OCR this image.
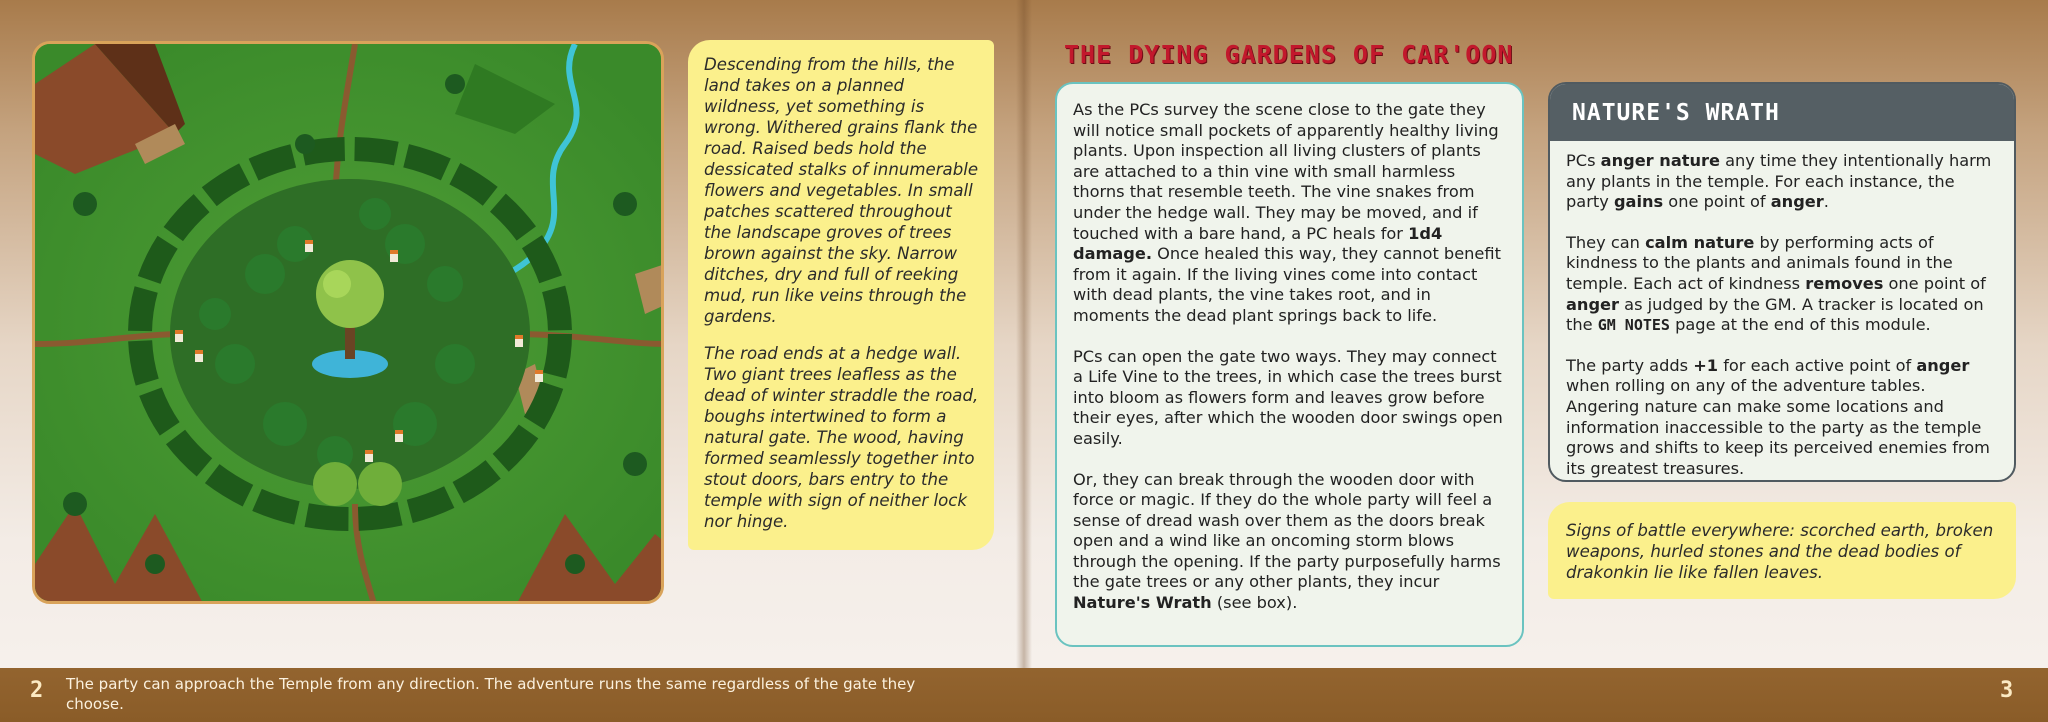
Descending from the hills, the land takes on a planned wildness, yet something is wrong. Withered grains flank the road. Raised beds hold the dessicated stalks of innumerable flowers and vegetables. In small patches scattered throughout the landscape groves of trees brown against the sky. Narrow ditches, dry and full of reeking mud, run like veins through the gardens.

The road ends at a hedge wall. Two giant trees leafless as the dead of winter straddle the road, boughs intertwined to form a natural gate. The wood, having formed seamlessly together into stout doors, bars entry to the temple with sign of neither lock nor hinge.

THE DYING GARDENS OF CAR'OON

As the PCs survey the scene close to the gate they will notice small pockets of apparently healthy living plants. Upon inspection all living clusters of plants are attached to a thin vine with small harmless thorns that resemble teeth. The vine snakes from under the hedge wall. They may be moved, and if touched with a bare hand, a PC heals for 1d4 damage. Once healed this way, they cannot benefit from it again. If the living vines come into contact with dead plants, the vine takes root, and in moments the dead plant springs back to life.

PCs can open the gate two ways. They may connect a Life Vine to the trees, in which case the trees burst into bloom as flowers form and leaves grow before their eyes, after which the wooden door swings open easily.

Or, they can break through the wooden door with force or magic. If they do the whole party will feel a sense of dread wash over them as the doors break open and a wind like an oncoming storm blows through the opening. If the party purposefully harms the gate trees or any other plants, they incur Nature's Wrath (see box).

NATURE'S WRATH

PCs anger nature any time they intentionally harm any plants in the temple. For each instance, the party gains one point of anger.

They can calm nature by performing acts of kindness to the plants and animals found in the temple. Each act of kindness removes one point of anger as judged by the GM. A tracker is located on the GM NOTES page at the end of this module.

The party adds +1 for each active point of anger when rolling on any of the adventure tables. Angering nature can make some locations and information inaccessible to the party as the temple grows and shifts to keep its perceived enemies from its greatest treasures.

Signs of battle everywhere: scorched earth, broken weapons, hurled stones and the dead bodies of drakonkin lie like fallen leaves.
2 The party can approach the Temple from any direction. The adventure runs the same regardless of the gate they choose.
3
